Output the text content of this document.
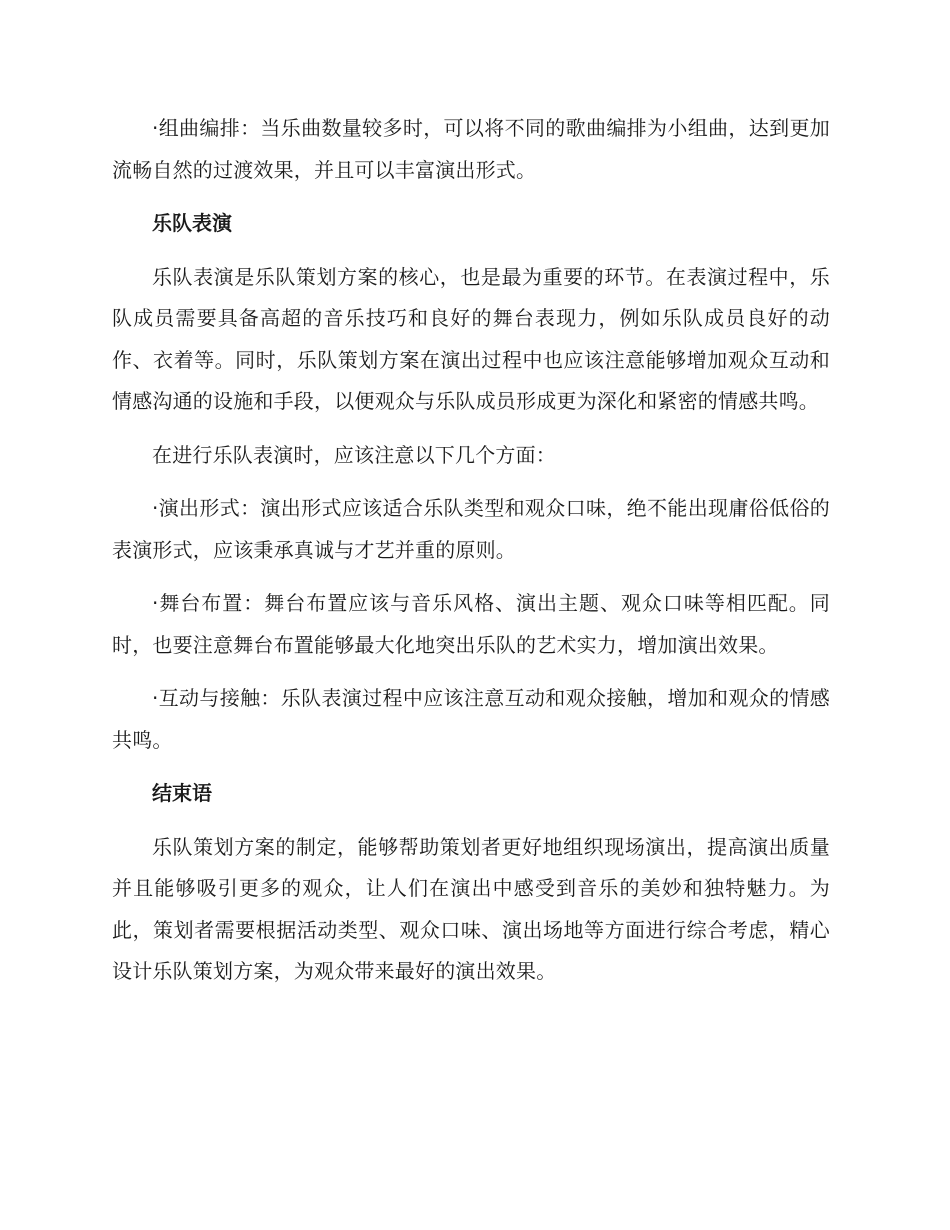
·组曲编排：当乐曲数量较多时，可以将不同的歌曲编排为小组曲，达到更加流畅自然的过渡效果，并且可以丰富演出形式。

乐队表演

乐队表演是乐队策划方案的核心，也是最为重要的环节。在表演过程中，乐队成员需要具备高超的音乐技巧和良好的舞台表现力，例如乐队成员良好的动作、衣着等。同时，乐队策划方案在演出过程中也应该注意能够增加观众互动和情感沟通的设施和手段，以便观众与乐队成员形成更为深化和紧密的情感共鸣。

在进行乐队表演时，应该注意以下几个方面：

·演出形式：演出形式应该适合乐队类型和观众口味，绝不能出现庸俗低俗的表演形式，应该秉承真诚与才艺并重的原则。

·舞台布置：舞台布置应该与音乐风格、演出主题、观众口味等相匹配。同时，也要注意舞台布置能够最大化地突出乐队的艺术实力，增加演出效果。

·互动与接触：乐队表演过程中应该注意互动和观众接触，增加和观众的情感共鸣。

结束语

乐队策划方案的制定，能够帮助策划者更好地组织现场演出，提高演出质量并且能够吸引更多的观众，让人们在演出中感受到音乐的美妙和独特魅力。为此，策划者需要根据活动类型、观众口味、演出场地等方面进行综合考虑，精心设计乐队策划方案，为观众带来最好的演出效果。
